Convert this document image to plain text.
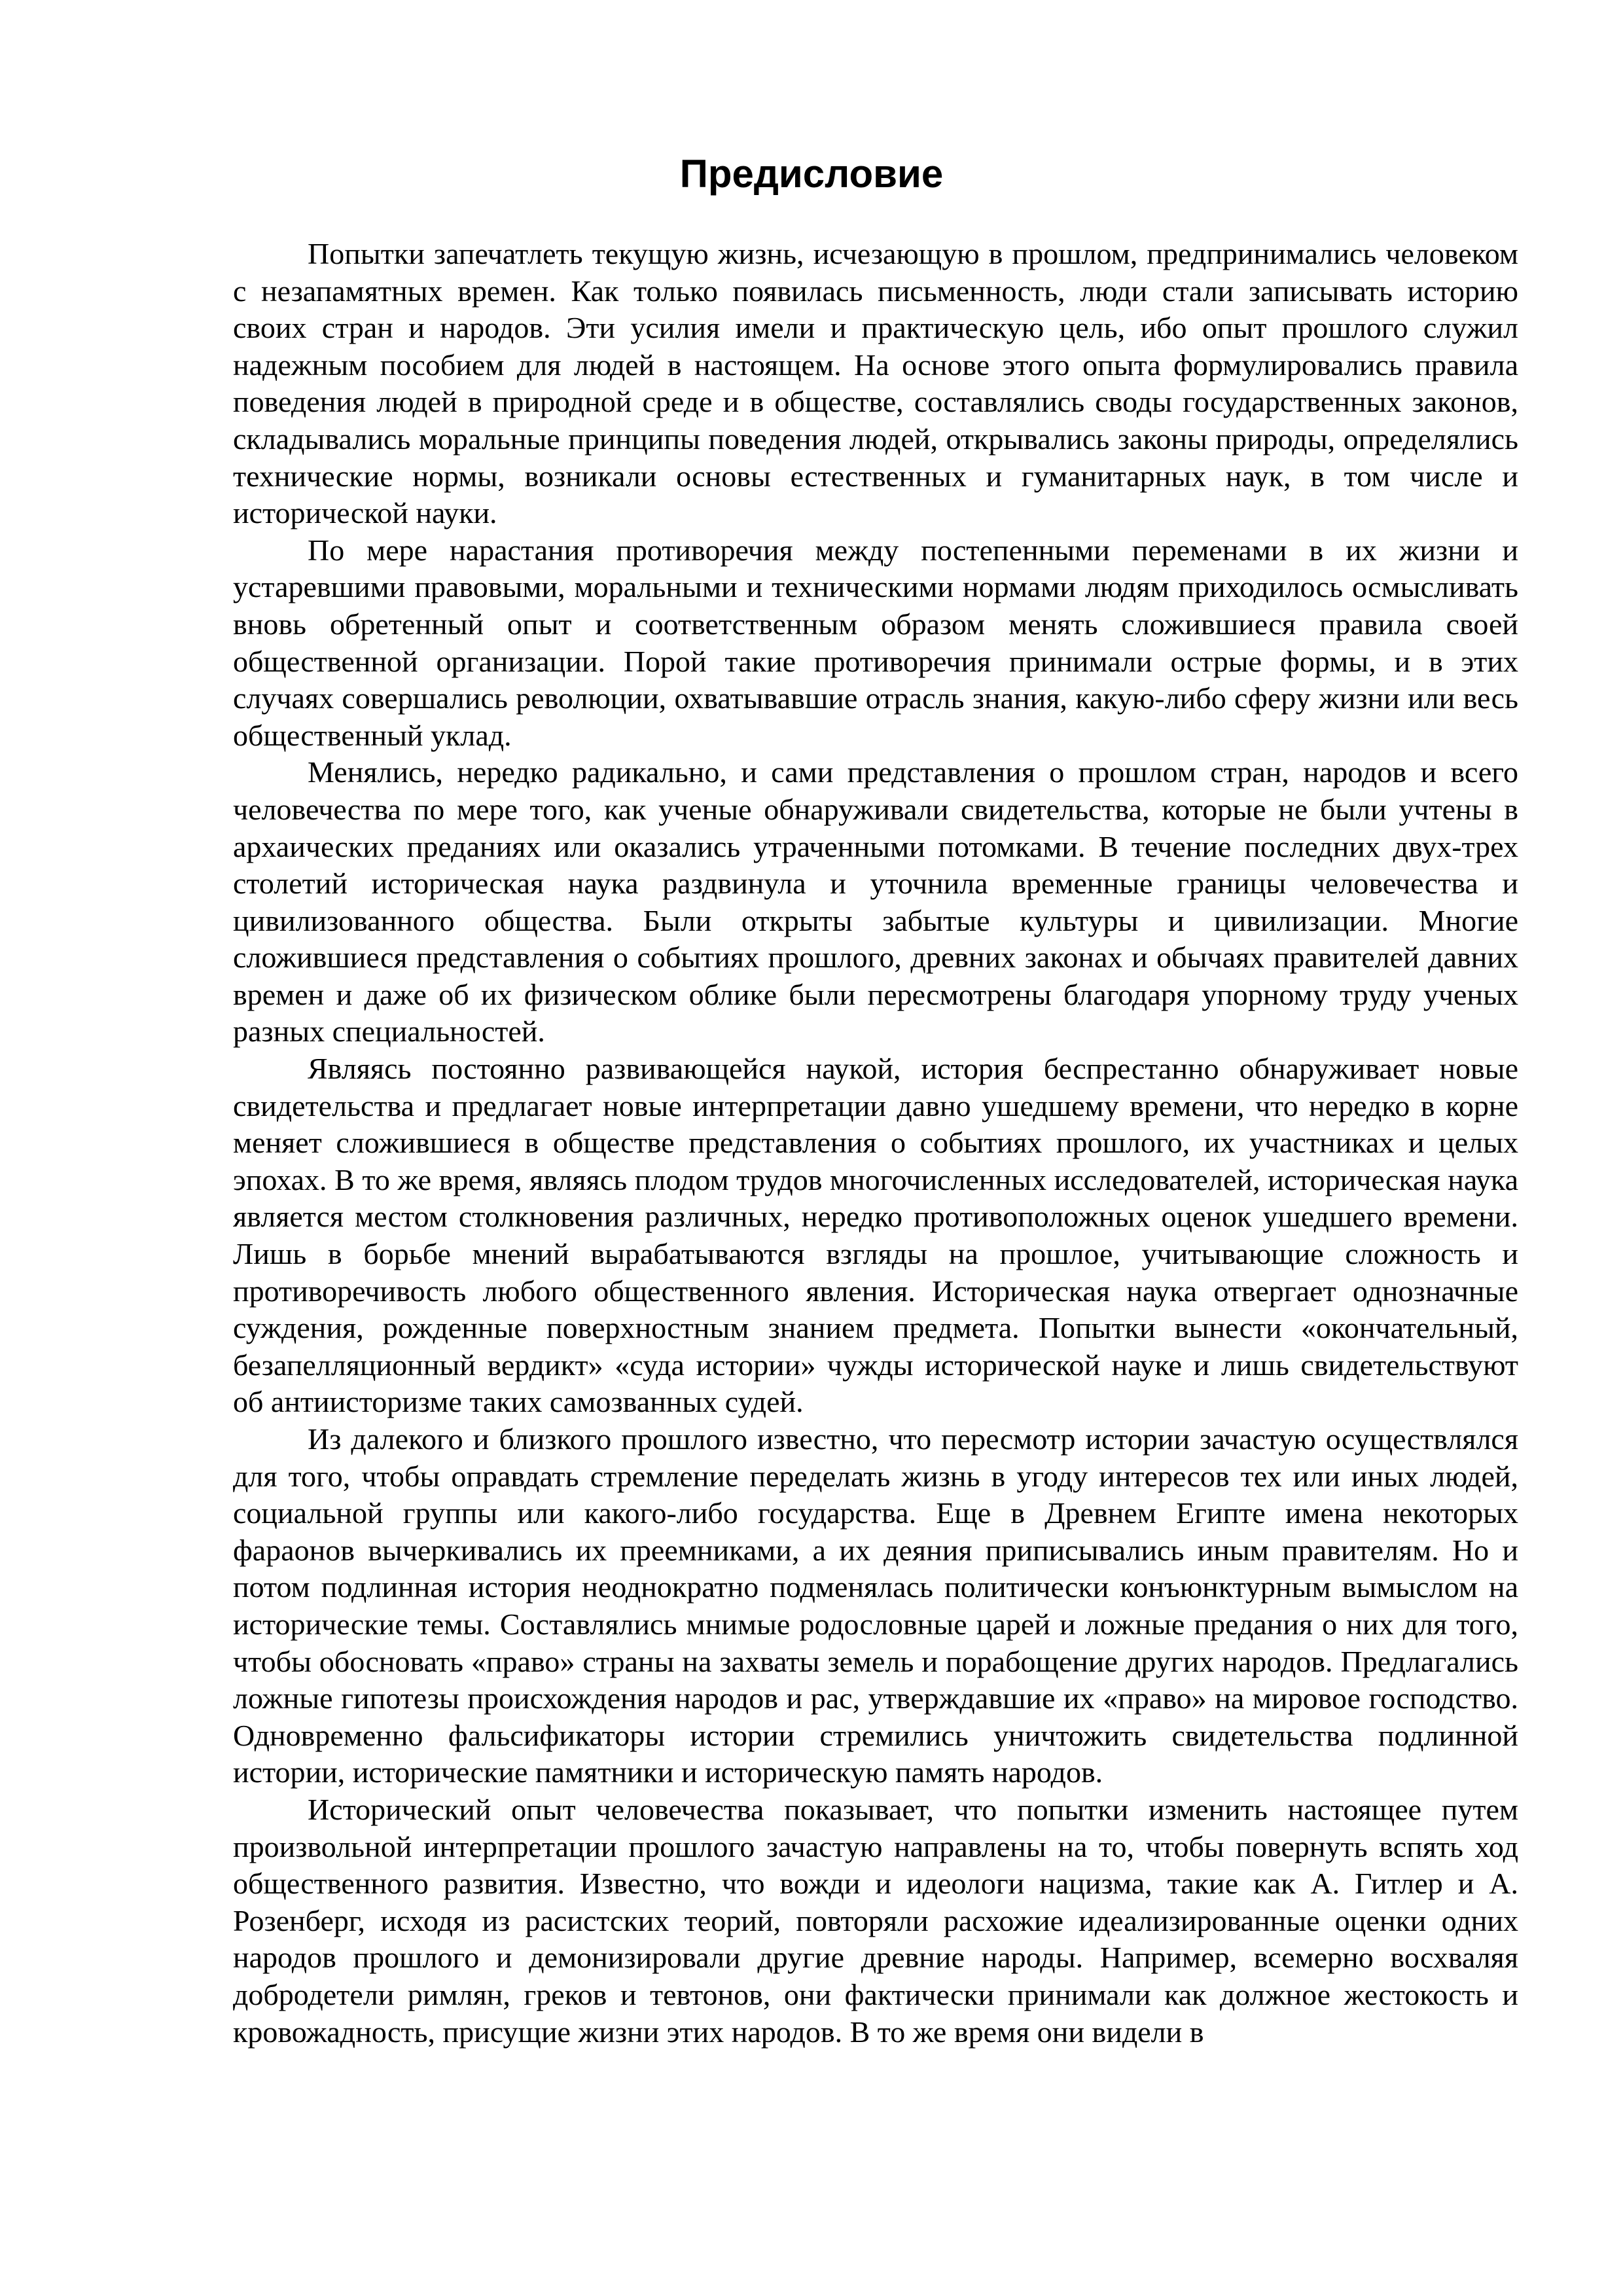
Предисловие

Попытки запечатлеть текущую жизнь, исчезающую в прошлом, предпринимались человеком с незапамятных времен. Как только появилась письменность, люди стали записывать историю своих стран и народов. Эти усилия имели и практическую цель, ибо опыт прошлого служил надежным пособием для людей в настоящем. На основе этого опыта формулировались правила поведения людей в природной среде и в обществе, составлялись своды государственных законов, складывались моральные принципы поведения людей, открывались законы природы, определялись технические нормы, возникали основы естественных и гуманитарных наук, в том числе и исторической науки.

По мере нарастания противоречия между постепенными переменами в их жизни и устаревшими правовыми, моральными и техническими нормами людям приходилось осмысливать вновь обретенный опыт и соответственным образом менять сложившиеся правила своей общественной организации. Порой такие противоречия принимали острые формы, и в этих случаях совершались революции, охватывавшие отрасль знания, какую-либо сферу жизни или весь общественный уклад.

Менялись, нередко радикально, и сами представления о прошлом стран, народов и всего человечества по мере того, как ученые обнаруживали свидетельства, которые не были учтены в архаических преданиях или оказались утраченными потомками. В течение последних двух-трех столетий историческая наука раздвинула и уточнила временные границы человечества и цивилизованного общества. Были открыты забытые культуры и цивилизации. Многие сложившиеся представления о событиях прошлого, древних законах и обычаях правителей давних времен и даже об их физическом облике были пересмотрены благодаря упорному труду ученых разных специальностей.

Являясь постоянно развивающейся наукой, история беспрестанно обнаруживает новые свидетельства и предлагает новые интерпретации давно ушедшему времени, что нередко в корне меняет сложившиеся в обществе представления о событиях прошлого, их участниках и целых эпохах. В то же время, являясь плодом трудов многочисленных исследователей, историческая наука является местом столкновения различных, нередко противоположных оценок ушедшего времени. Лишь в борьбе мнений вырабатываются взгляды на прошлое, учитывающие сложность и противоречивость любого общественного явления. Историческая наука отвергает однозначные суждения, рожденные поверхностным знанием предмета. Попытки вынести «окончательный, безапелляционный вердикт» «суда истории» чужды исторической науке и лишь свидетельствуют об антиисторизме таких самозванных судей.

Из далекого и близкого прошлого известно, что пересмотр истории зачастую осуществлялся для того, чтобы оправдать стремление переделать жизнь в угоду интересов тех или иных людей, социальной группы или какого-либо государства. Еще в Древнем Египте имена некоторых фараонов вычеркивались их преемниками, а их деяния приписывались иным правителям. Но и потом подлинная история неоднократно подменялась политически конъюнктурным вымыслом на исторические темы. Составлялись мнимые родословные царей и ложные предания о них для того, чтобы обосновать «право» страны на захваты земель и порабощение других народов. Предлагались ложные гипотезы происхождения народов и рас, утверждавшие их «право» на мировое господство. Одновременно фальсификаторы истории стремились уничтожить свидетельства подлинной истории, исторические памятники и историческую память народов.

Исторический опыт человечества показывает, что попытки изменить настоящее путем произвольной интерпретации прошлого зачастую направлены на то, чтобы повернуть вспять ход общественного развития. Известно, что вожди и идеологи нацизма, такие как А. Гитлер и А. Розенберг, исходя из расистских теорий, повторяли расхожие идеализированные оценки одних народов прошлого и демонизировали другие древние народы. Например, всемерно восхваляя добродетели римлян, греков и тевтонов, они фактически принимали как должное жестокость и кровожадность, присущие жизни этих народов. В то же время они видели в
